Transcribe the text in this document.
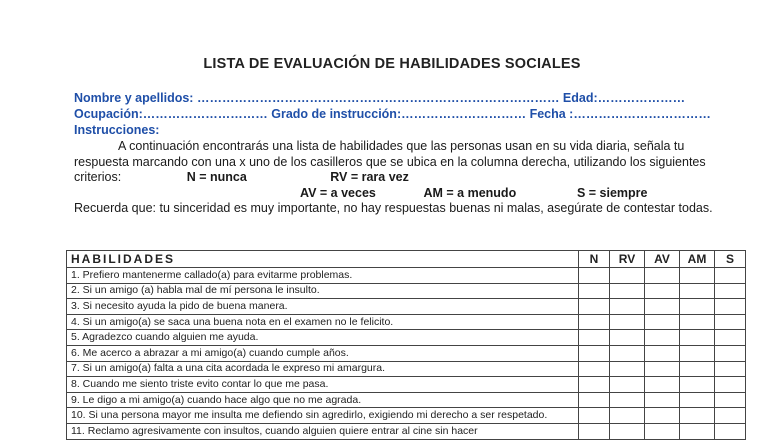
LISTA DE EVALUACIÓN DE HABILIDADES SOCIALES
Nombre y apellidos: …………………………………………………………………………… Edad:…………………
Ocupación:………………………… Grado de instrucción:………………………… Fecha :……………………………
Instrucciones:

A continuación encontrarás una lista de habilidades que las personas usan en su vida diaria, señala tu respuesta marcando con una x uno de los casilleros que se ubica en la columna derecha, utilizando los siguientes criterios:	N = nunca	RV = rara vez

AV = a veces	AM = a menudo	S = siempre

Recuerda que: tu sinceridad es muy importante, no hay respuestas buenas ni malas, asegúrate de contestar todas.

HABILIDADES	N	RV	AV	AM	S
1. Prefiero mantenerme callado(a) para evitarme problemas.					
2. Si un amigo (a) habla mal de mí persona le insulto.					
3. Si necesito ayuda la pido de buena manera.					
4. Si un amigo(a) se saca una buena nota en el examen no le felicito.					
5. Agradezco cuando alguien me ayuda.					
6. Me acerco a abrazar a mi amigo(a) cuando cumple años.					
7. Si un amigo(a) falta a una cita acordada le expreso mi amargura.					
8. Cuando me siento triste evito contar lo que me pasa.					
9. Le digo a mi amigo(a) cuando hace algo que no me agrada.					
10. Si una persona mayor me insulta me defiendo sin agredirlo, exigiendo mi derecho a ser respetado.					
11. Reclamo agresivamente con insultos, cuando alguien quiere entrar al cine sin hacer					
